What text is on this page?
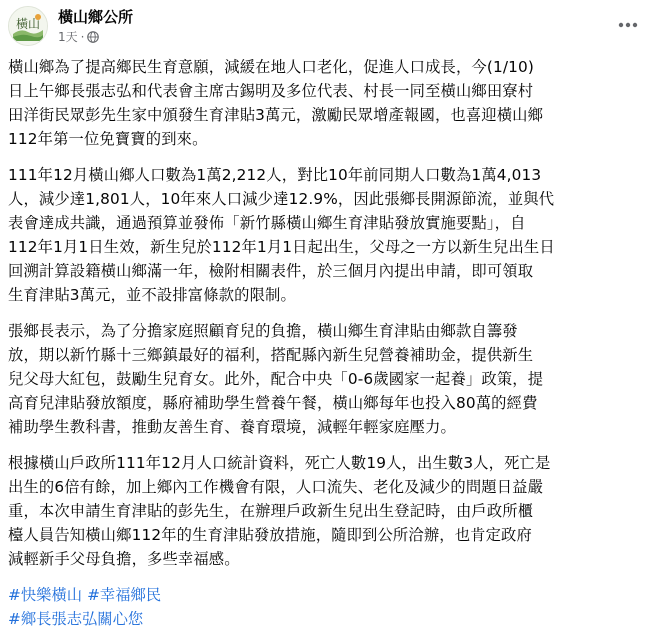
橫山 橫山鄉公所
1天 ·

橫山鄉為了提高鄉民生育意願，減緩在地人口老化，促進人口成長，今(1/10)
日上午鄉長張志弘和代表會主席古錫明及多位代表、村長一同至橫山鄉田寮村
田洋街民眾彭先生家中頒發生育津貼3萬元，激勵民眾增產報國，也喜迎橫山鄉
112年第一位免寶寶的到來。

111年12月橫山鄉人口數為1萬2,212人，對比10年前同期人口數為1萬4,013
人，減少達1,801人，10年來人口減少達12.9%，因此張鄉長開源節流，並與代
表會達成共識，通過預算並發佈「新竹縣橫山鄉生育津貼發放實施要點」，自
112年1月1日生效，新生兒於112年1月1日起出生，父母之一方以新生兒出生日
回溯計算設籍橫山鄉滿一年，檢附相關表件，於三個月內提出申請，即可領取
生育津貼3萬元，並不設排富條款的限制。

張鄉長表示，為了分擔家庭照顧育兒的負擔，橫山鄉生育津貼由鄉款自籌發
放，期以新竹縣十三鄉鎮最好的福利，搭配縣內新生兒營養補助金，提供新生
兒父母大紅包，鼓勵生兒育女。此外，配合中央「0-6歲國家一起養」政策，提
高育兒津貼發放額度，縣府補助學生營養午餐，橫山鄉每年也投入80萬的經費
補助學生教科書，推動友善生育、養育環境，減輕年輕家庭壓力。

根據橫山戶政所111年12月人口統計資料，死亡人數19人，出生數3人，死亡是
出生的6倍有餘，加上鄉內工作機會有限，人口流失、老化及減少的問題日益嚴
重，本次申請生育津貼的彭先生，在辦理戶政新生兒出生登記時，由戶政所櫃
檯人員告知橫山鄉112年的生育津貼發放措施，隨即到公所洽辦，也肯定政府
減輕新手父母負擔，多些幸福感。

#快樂橫山 #幸福鄉民
#鄉長張志弘關心您
